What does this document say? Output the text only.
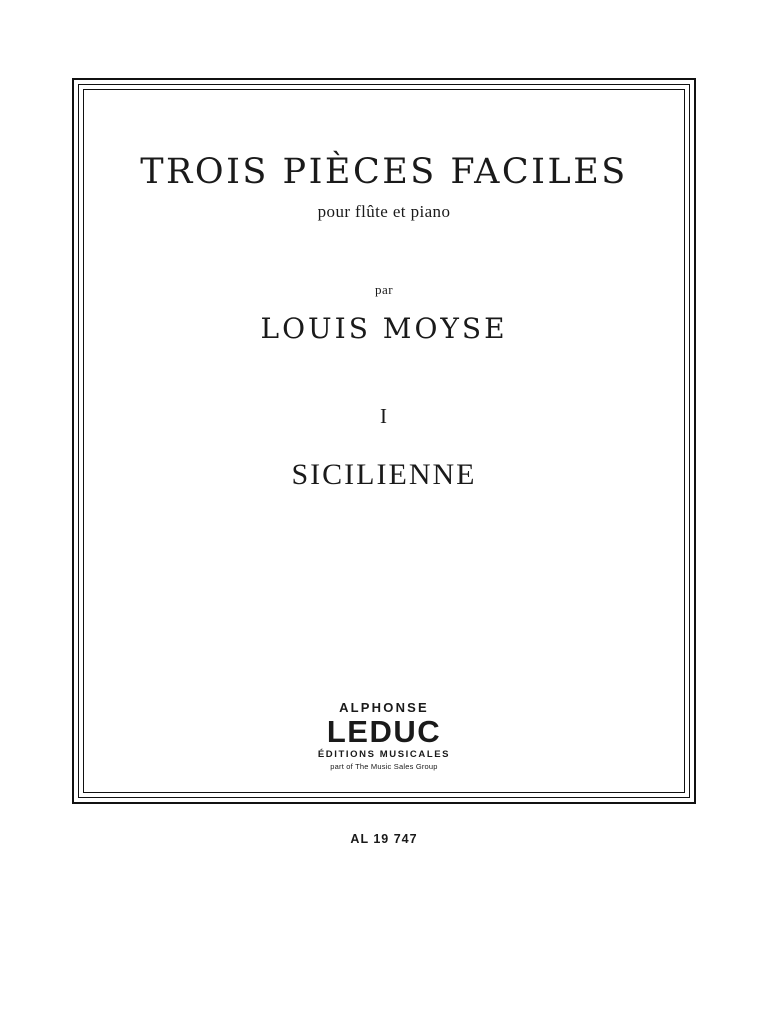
TROIS PIÈCES FACILES
pour flûte et piano
par
LOUIS MOYSE
I
SICILIENNE
ALPHONSE
LEDUC
ÉDITIONS MUSICALES
part of The Music Sales Group
AL 19 747
